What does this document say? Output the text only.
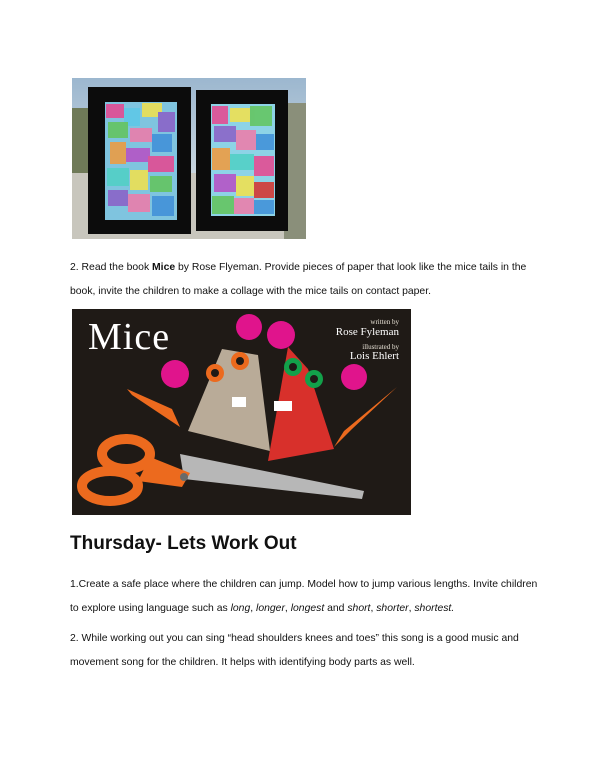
2. Read the book Mice by Rose Flyeman. Provide pieces of paper that look like the mice tails in the book, invite the children to make a collage with the mice tails on contact paper.
Mice	written by
Rose Fyleman
illustrated by
Lois Ehlert
Thursday- Lets Work Out
1.Create a safe place where the children can jump. Model how to jump various lengths. Invite children to explore using language such as long, longer, longest and short, shorter, shortest.
2. While working out you can sing “head shoulders knees and toes” this song is a good music and movement song for the children. It helps with identifying body parts as well.
